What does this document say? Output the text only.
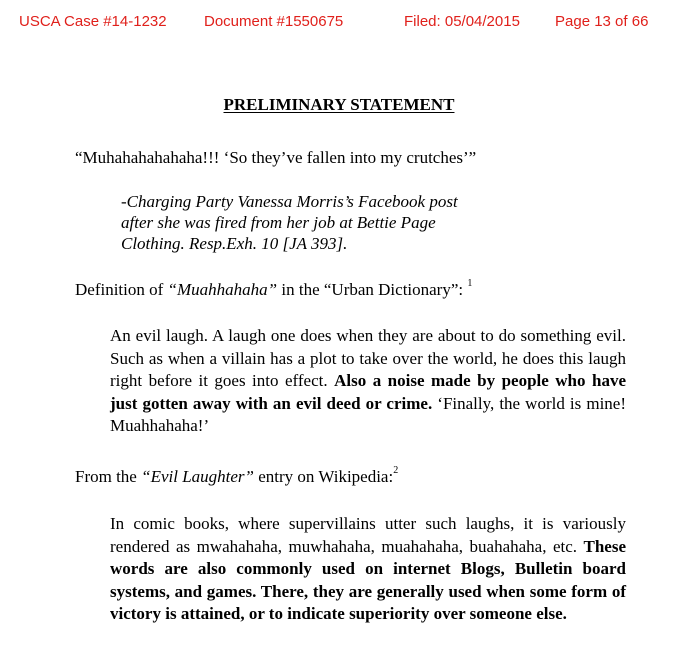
USCA Case #14-1232 Document #1550675	Filed: 05/04/2015 Page 13 of 66
PRELIMINARY STATEMENT
“Muhahahahahaha!!! ‘So they’ve fallen into my crutches’”
-Charging Party Vanessa Morris’s Facebook post
after she was fired from her job at Bettie Page
Clothing. Resp.Exh. 10 [JA 393].
Definition of “Muahhahaha” in the “Urban Dictionary”: $^1$
An evil laugh. A laugh one does when they are about to do something evil. Such as when a villain has a plot to take over the world, he does this laugh right before it goes into effect. Also a noise made by people who have just gotten away with an evil deed or crime. ‘Finally, the world is mine! Muahhahaha!’
From the “Evil Laughter” entry on Wikipedia:$^2$
In comic books, where supervillains utter such laughs, it is variously rendered as mwahahaha, muwhahaha, muahahaha, buahahaha, etc. These words are also commonly used on internet Blogs, Bulletin board systems, and games. There, they are generally used when some form of victory is attained, or to indicate superiority over someone else.
